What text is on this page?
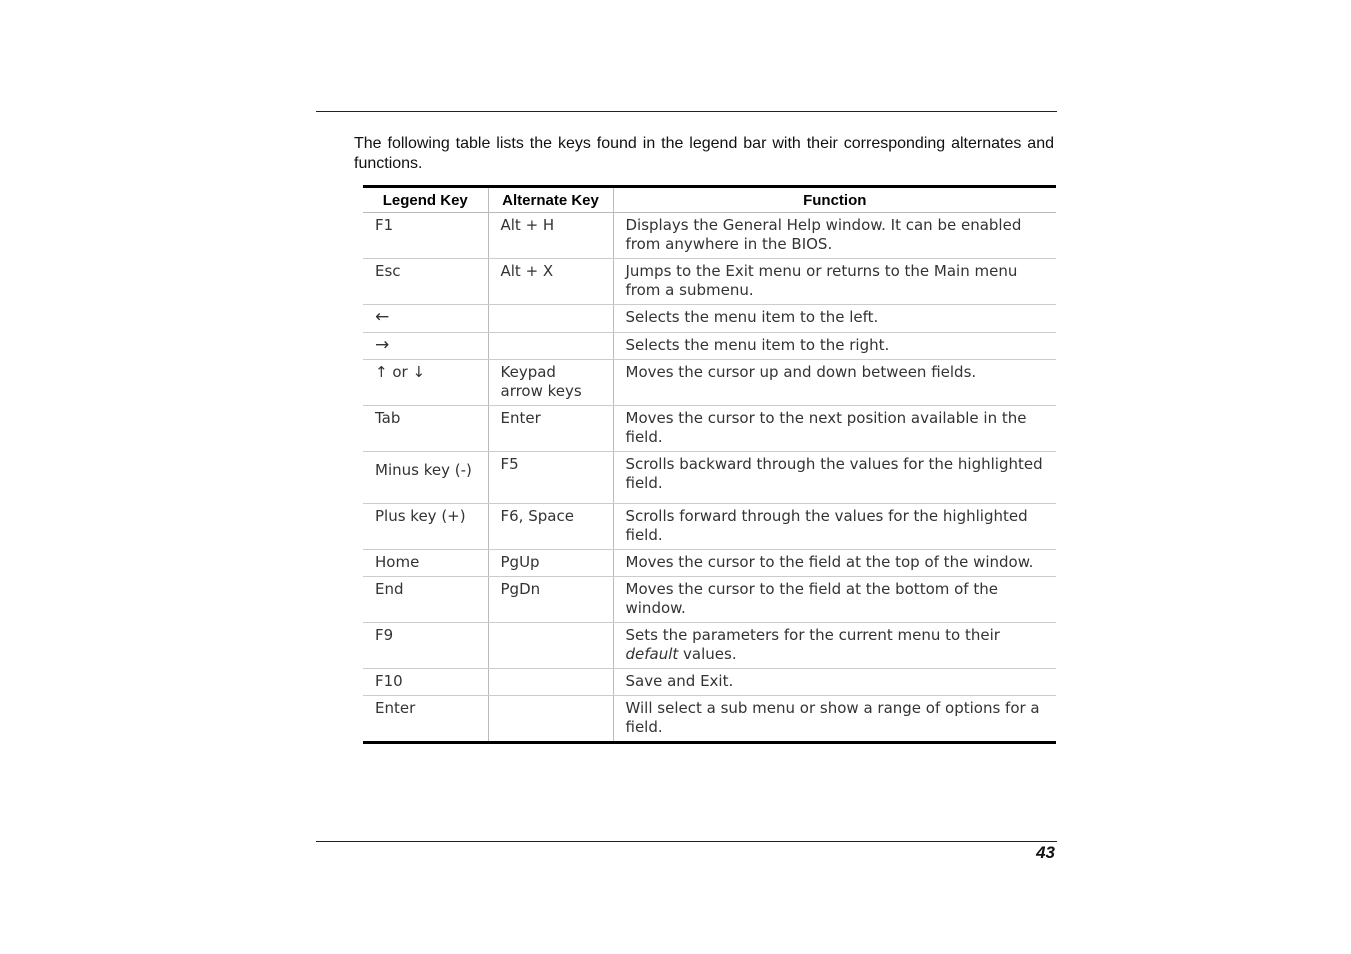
The following table lists the keys found in the legend bar with their corresponding alternates and functions.

Legend Key	Alternate Key	Function
F1	Alt + H	Displays the General Help window. It can be enabled from anywhere in the BIOS.
Esc	Alt + X	Jumps to the Exit menu or returns to the Main menu from a submenu.
←		Selects the menu item to the left.
→		Selects the menu item to the right.
↑ or ↓	Keypad arrow keys	Moves the cursor up and down between fields.
Tab	Enter	Moves the cursor to the next position available in the field.
Minus key (-)	F5	Scrolls backward through the values for the highlighted field.
Plus key (+)	F6, Space	Scrolls forward through the values for the highlighted field.
Home	PgUp	Moves the cursor to the field at the top of the window.
End	PgDn	Moves the cursor to the field at the bottom of the window.
F9		Sets the parameters for the current menu to their default values.
F10		Save and Exit.
Enter		Will select a sub menu or show a range of options for a field.
43
